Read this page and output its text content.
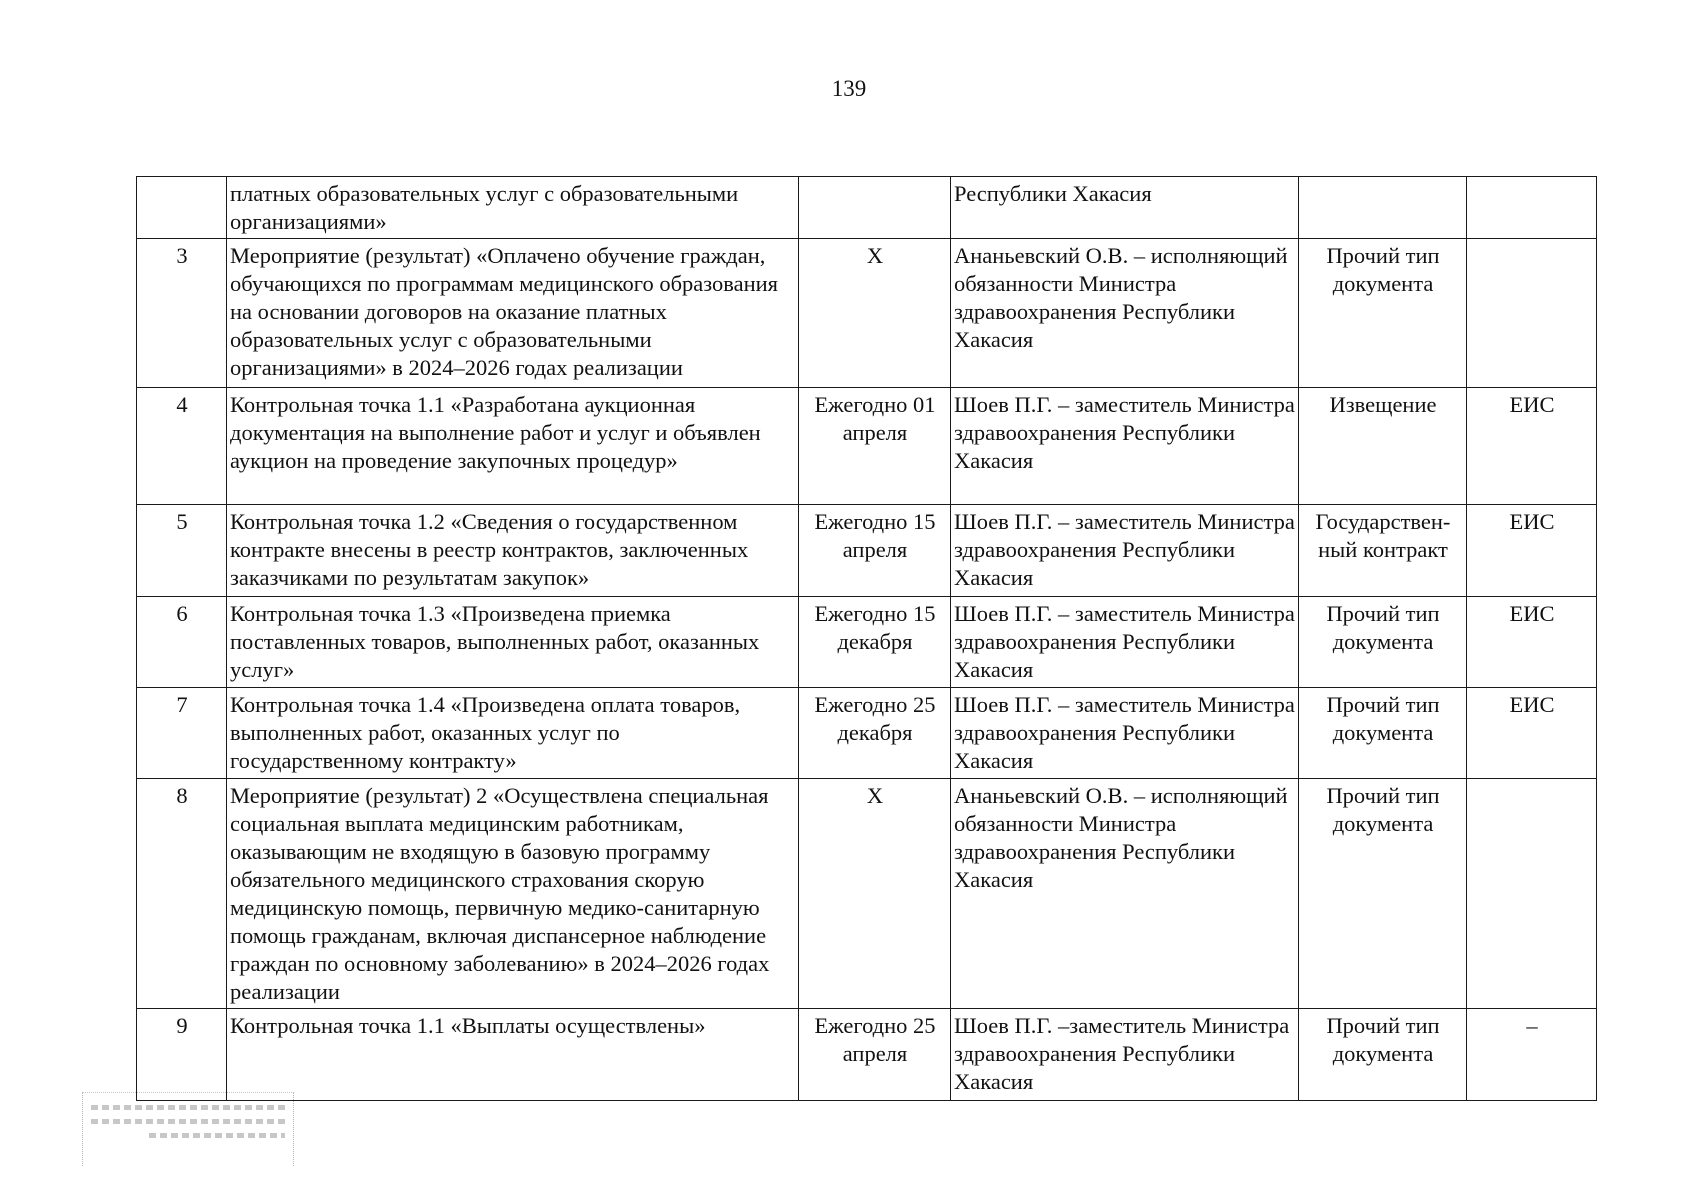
139
	платных образовательных услуг с образовательными организациями»		Республики Хакасия		
3	Мероприятие (результат) «Оплачено обучение граждан, обучающихся по программам медицинского образования на основании договоров на оказание платных образовательных услуг с образовательными организациями» в 2024–2026 годах реализации	X	Ананьевский О.В. – исполняющий обязанности Министра здравоохранения Республики Хакасия	Прочий тип документа	
4	Контрольная точка 1.1 «Разработана аукционная документация на выполнение работ и услуг и объявлен аукцион на проведение закупочных процедур»	Ежегодно 01 апреля	Шоев П.Г. – заместитель Министра здравоохранения Республики Хакасия	Извещение	ЕИС
5	Контрольная точка 1.2 «Сведения о государственном контракте внесены в реестр контрактов, заключенных заказчиками по результатам закупок»	Ежегодно 15 апреля	Шоев П.Г. – заместитель Министра здравоохранения Республики Хакасия	Государствен-ный контракт	ЕИС
6	Контрольная точка 1.3 «Произведена приемка поставленных товаров, выполненных работ, оказанных услуг»	Ежегодно 15 декабря	Шоев П.Г. – заместитель Министра здравоохранения Республики Хакасия	Прочий тип документа	ЕИС
7	Контрольная точка 1.4 «Произведена оплата товаров, выполненных работ, оказанных услуг по государственному контракту»	Ежегодно 25 декабря	Шоев П.Г. – заместитель Министра здравоохранения Республики Хакасия	Прочий тип документа	ЕИС
8	Мероприятие (результат) 2 «Осуществлена специальная социальная выплата медицинским работникам, оказывающим не входящую в базовую программу обязательного медицинского страхования скорую медицинскую помощь, первичную медико-санитарную помощь гражданам, включая диспансерное наблюдение граждан по основному заболеванию» в 2024–2026 годах реализации	X	Ананьевский О.В. – исполняющий обязанности Министра здравоохранения Республики Хакасия	Прочий тип документа	
9	Контрольная точка 1.1 «Выплаты осуществлены»	Ежегодно 25 апреля	Шоев П.Г. –заместитель Министра здравоохранения Республики Хакасия	Прочий тип документа	–
